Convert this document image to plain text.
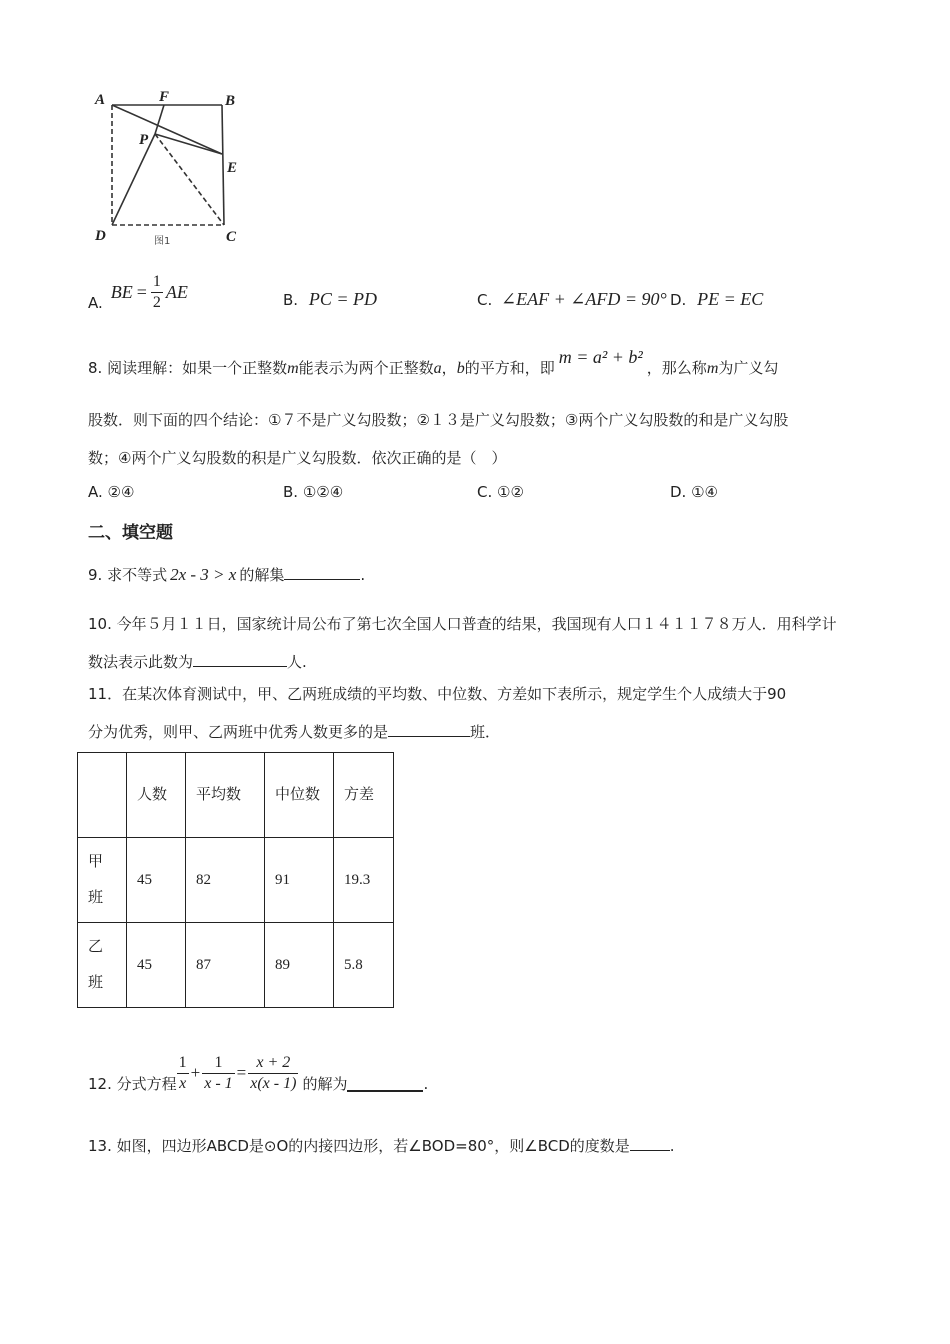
A	F	B
P
E
D	C
图1
A.
BE = $\frac{1}{2}$ AE	B. PC = PD	C. ∠EAF + ∠AFD = 90° D. PE = EC
8. 阅读理解：如果一个正整数m能表示为两个正整数a，b的平方和，即m = a² + b²，那么称m为广义勾
股数．则下面的四个结论：①７不是广义勾股数；②１３是广义勾股数；③两个广义勾股数的和是广义勾股
数；④两个广义勾股数的积是广义勾股数．依次正确的是（　）
A. ②④	B. ①②④	C. ①②	D. ①④
二、填空题
9. 求不等式 2x - 3 > x 的解集	.
10. 今年５月１１日，国家统计局公布了第七次全国人口普查的结果，我国现有人口１４１１７８万人．用科学计
数法表示此数为	人.
11．在某次体育测试中，甲、乙两班成绩的平均数、中位数、方差如下表所示，规定学生个人成绩大于90
分为优秀，则甲、乙两班中优秀人数更多的是	班．
	人数	平均数	中位数	方差
甲班	45	82	91	19.3
乙班	45	87	89	5.8
12. 分式方程 $\frac{1}{x} + \frac{1}{x - 1} = \frac{x + 2}{x(x - 1)}$ 的解为	.
13. 如图，四边形ABCD是⊙O的内接四边形，若∠BOD=80°，则∠BCD的度数是	.
